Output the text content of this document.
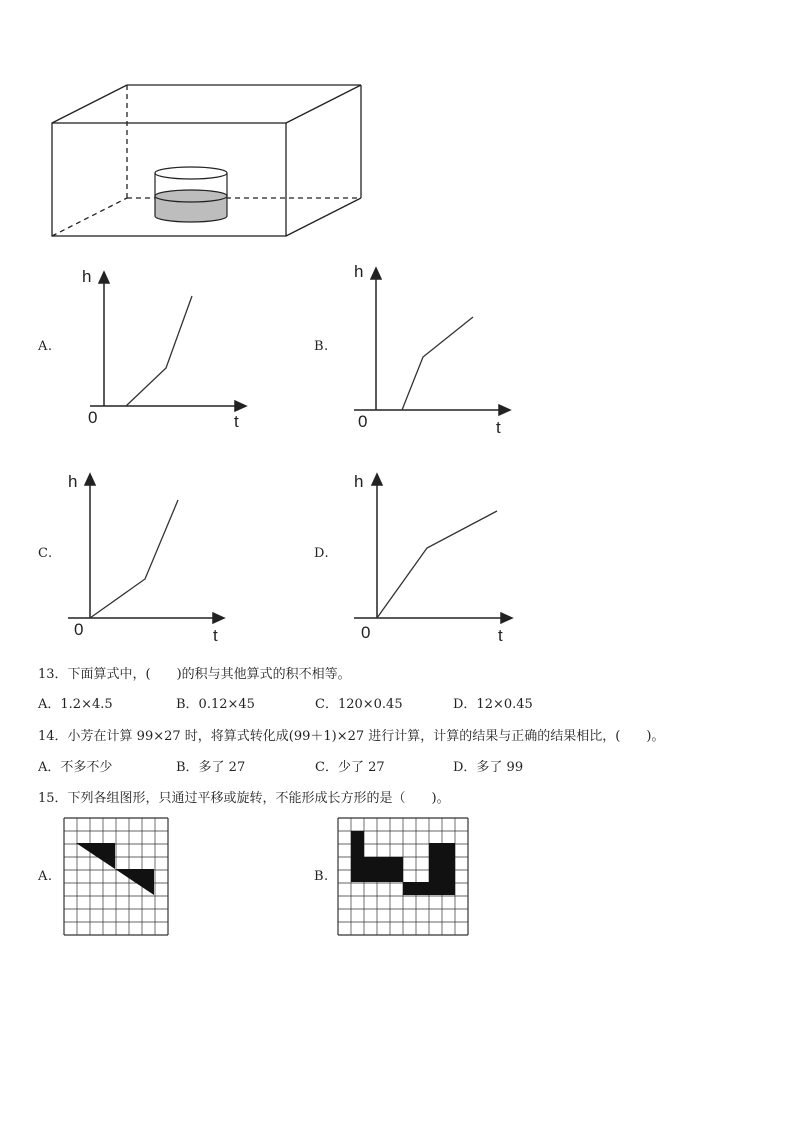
A.
h
0	t
B.
h
0	t
C.
h
0	t
D.
h
0	t
13．下面算式中，(　　)的积与其他算式的积不相等。
A．1.2×4.5	B．0.12×45	C．120×0.45	D．12×0.45
14．小芳在计算 99×27 时，将算式转化成(99＋1)×27 进行计算，计算的结果与正确的结果相比，(　　)。
A．不多不少	B．多了 27	C．少了 27	D．多了 99
15．下列各组图形，只通过平移或旋转，不能形成长方形的是（　　)。
A.	B.
